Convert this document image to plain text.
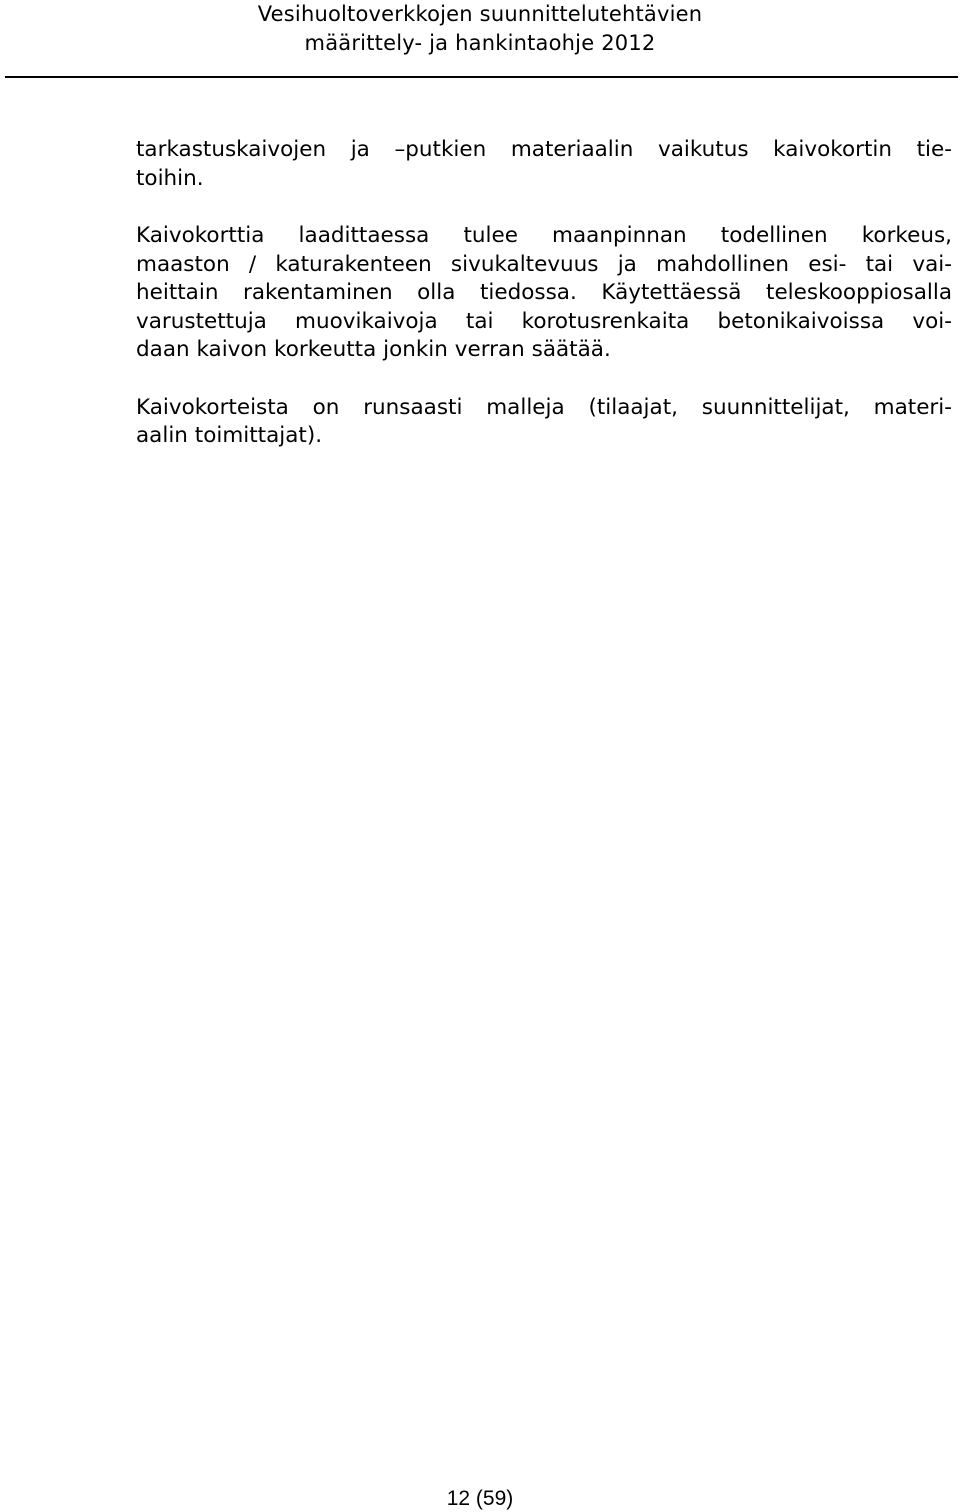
Vesihuoltoverkkojen suunnittelutehtävien
määrittely- ja hankintaohje 2012
tarkastuskaivojen ja –putkien materiaalin vaikutus kaivokortin tie-
toihin.
Kaivokorttia laadittaessa tulee maanpinnan todellinen korkeus,
maaston / katurakenteen sivukaltevuus ja mahdollinen esi- tai vai-
heittain rakentaminen olla tiedossa. Käytettäessä teleskooppiosalla
varustettuja muovikaivoja tai korotusrenkaita betonikaivoissa voi-
daan kaivon korkeutta jonkin verran säätää.
Kaivokorteista on runsaasti malleja (tilaajat, suunnittelijat, materi-
aalin toimittajat).
12 (59)
